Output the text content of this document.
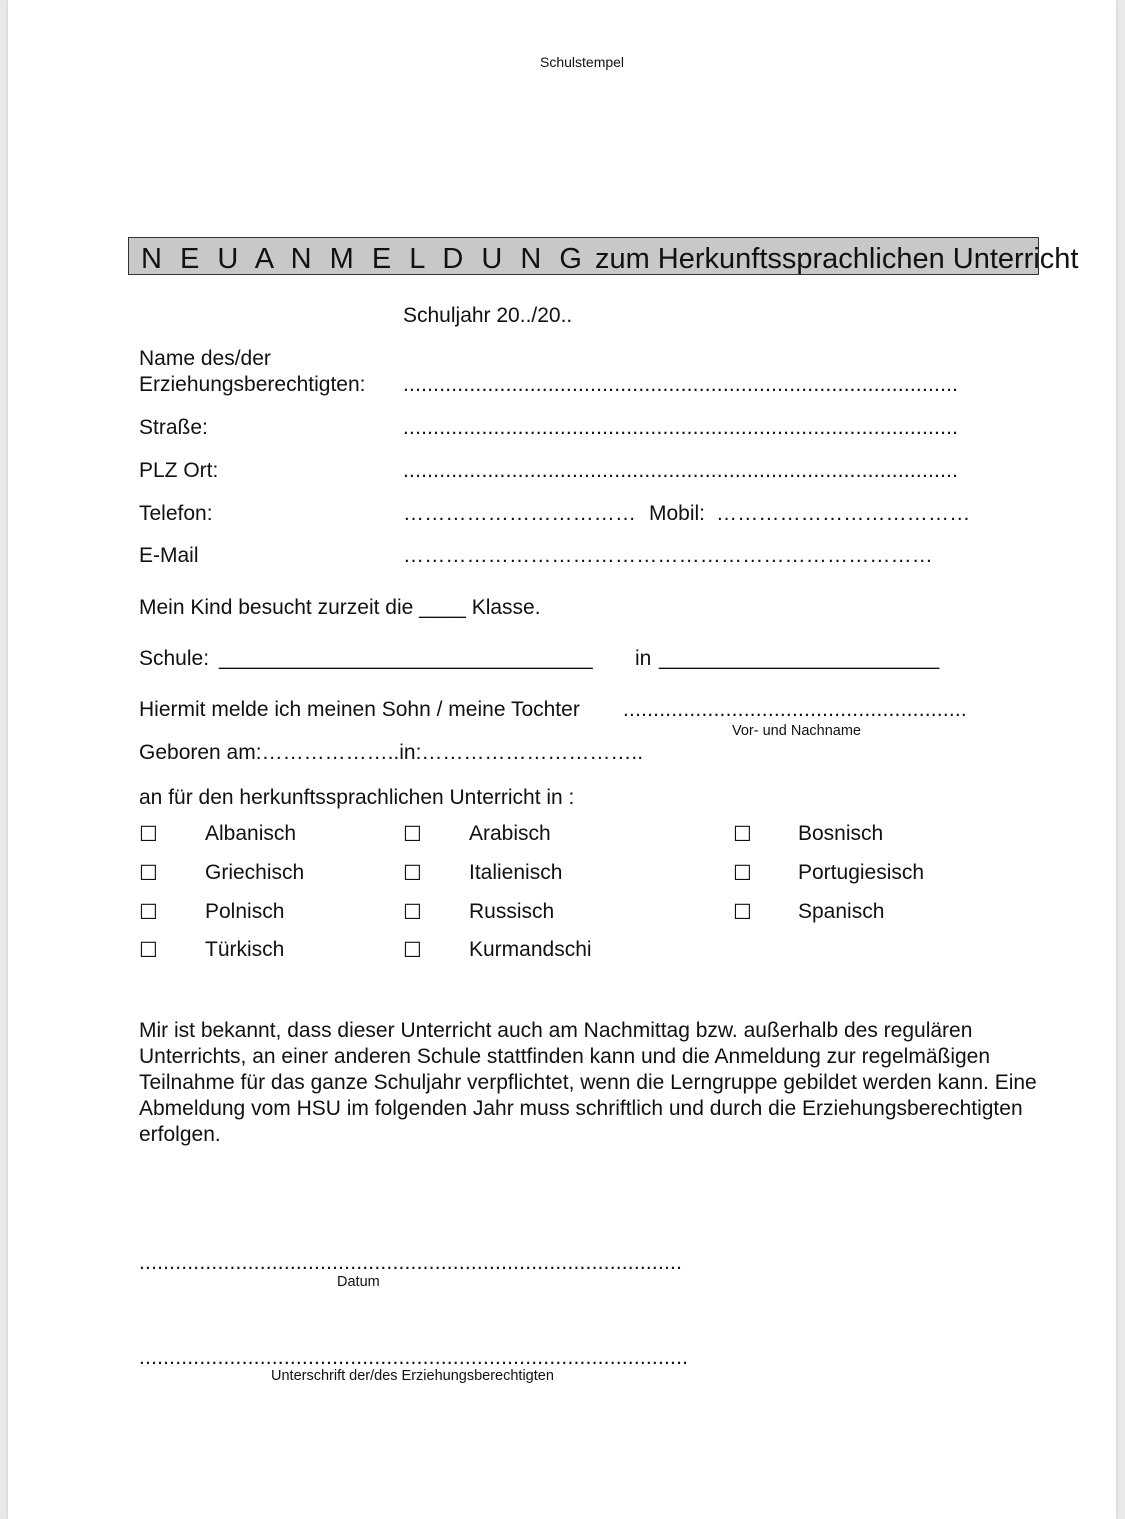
Schulstempel
N E U A N M E L D U N G zum Herkunftssprachlichen Unterricht
Schuljahr 20../20..
Name des/der
Erziehungsberechtigten: ............................................................................................
Straße:	............................................................................................
PLZ Ort:	............................................................................................
Telefon:	…………………………… Mobil: ………………………………
E-Mail	…………………………………………………………………
Mein Kind besucht zurzeit die ____ Klasse.
Schule: ________________________________ in ________________________
Hiermit melde ich meinen Sohn / meine Tochter .........................................................
Vor- und Nachname
Geboren am:………………..in:…………………………..
an für den herkunftssprachlichen Unterricht in :
☐ Albanisch	☐ Arabisch	☐ Bosnisch
☐ Griechisch	☐ Italienisch	☐ Portugiesisch
☐ Polnisch	☐ Russisch	☐ Spanisch
☐ Türkisch	☐ Kurmandschi
Mir ist bekannt, dass dieser Unterricht auch am Nachmittag bzw. außerhalb des regulären Unterrichts, an einer anderen Schule stattfinden kann und die Anmeldung zur regelmäßigen Teilnahme für das ganze Schuljahr verpflichtet, wenn die Lerngruppe gebildet werden kann. Eine Abmeldung vom HSU im folgenden Jahr muss schriftlich und durch die Erziehungsberechtigten erfolgen.
..........................................................................................
Datum
...........................................................................................
Unterschrift der/des Erziehungsberechtigten
